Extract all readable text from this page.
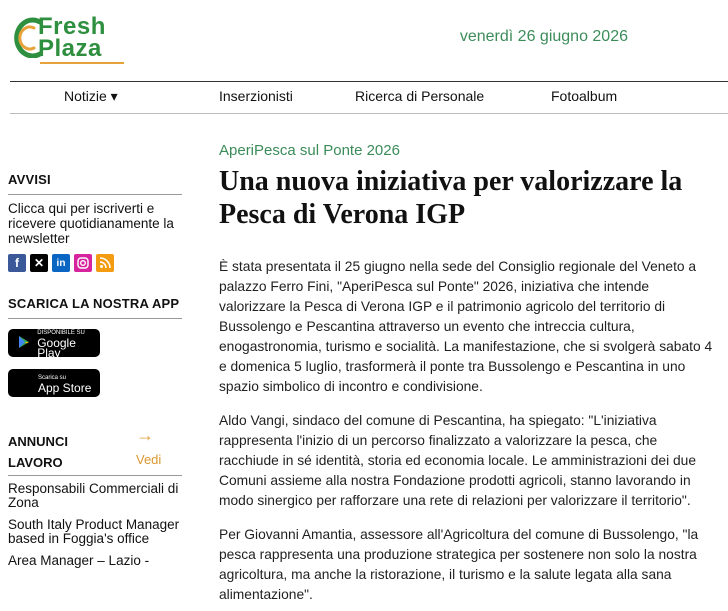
Fresh
Plaza	venerdì 26 giugno 2026
Notizie ▾	Inserzionisti	Ricerca di Personale	Fotoalbum
AVVISI
Clicca qui per iscriverti e ricevere quotidianamente la newsletter
f	✕	in
SCARICA LA NOSTRA APP
DISPONIBILE SU
Google Play
Scarica su
App Store
ANNUNCI LAVORO
→
Vedi
Responsabili Commerciali di Zona
South Italy Product Manager based in Foggia's office
Area Manager – Lazio -
AperiPesca sul Ponte 2026
Una nuova iniziativa per valorizzare la Pesca di Verona IGP
È stata presentata il 25 giugno nella sede del Consiglio regionale del Veneto a palazzo Ferro Fini, "AperiPesca sul Ponte" 2026, iniziativa che intende valorizzare la Pesca di Verona IGP e il patrimonio agricolo del territorio di Bussolengo e Pescantina attraverso un evento che intreccia cultura, enogastronomia, turismo e socialità. La manifestazione, che si svolgerà sabato 4 e domenica 5 luglio, trasformerà il ponte tra Bussolengo e Pescantina in uno spazio simbolico di incontro e condivisione.
Aldo Vangi, sindaco del comune di Pescantina, ha spiegato: "L'iniziativa rappresenta l'inizio di un percorso finalizzato a valorizzare la pesca, che racchiude in sé identità, storia ed economia locale. Le amministrazioni dei due Comuni assieme alla nostra Fondazione prodotti agricoli, stanno lavorando in modo sinergico per rafforzare una rete di relazioni per valorizzare il territorio".
Per Giovanni Amantia, assessore all'Agricoltura del comune di Bussolengo, "la pesca rappresenta una produzione strategica per sostenere non solo la nostra agricoltura, ma anche la ristorazione, il turismo e la salute legata alla sana alimentazione".
